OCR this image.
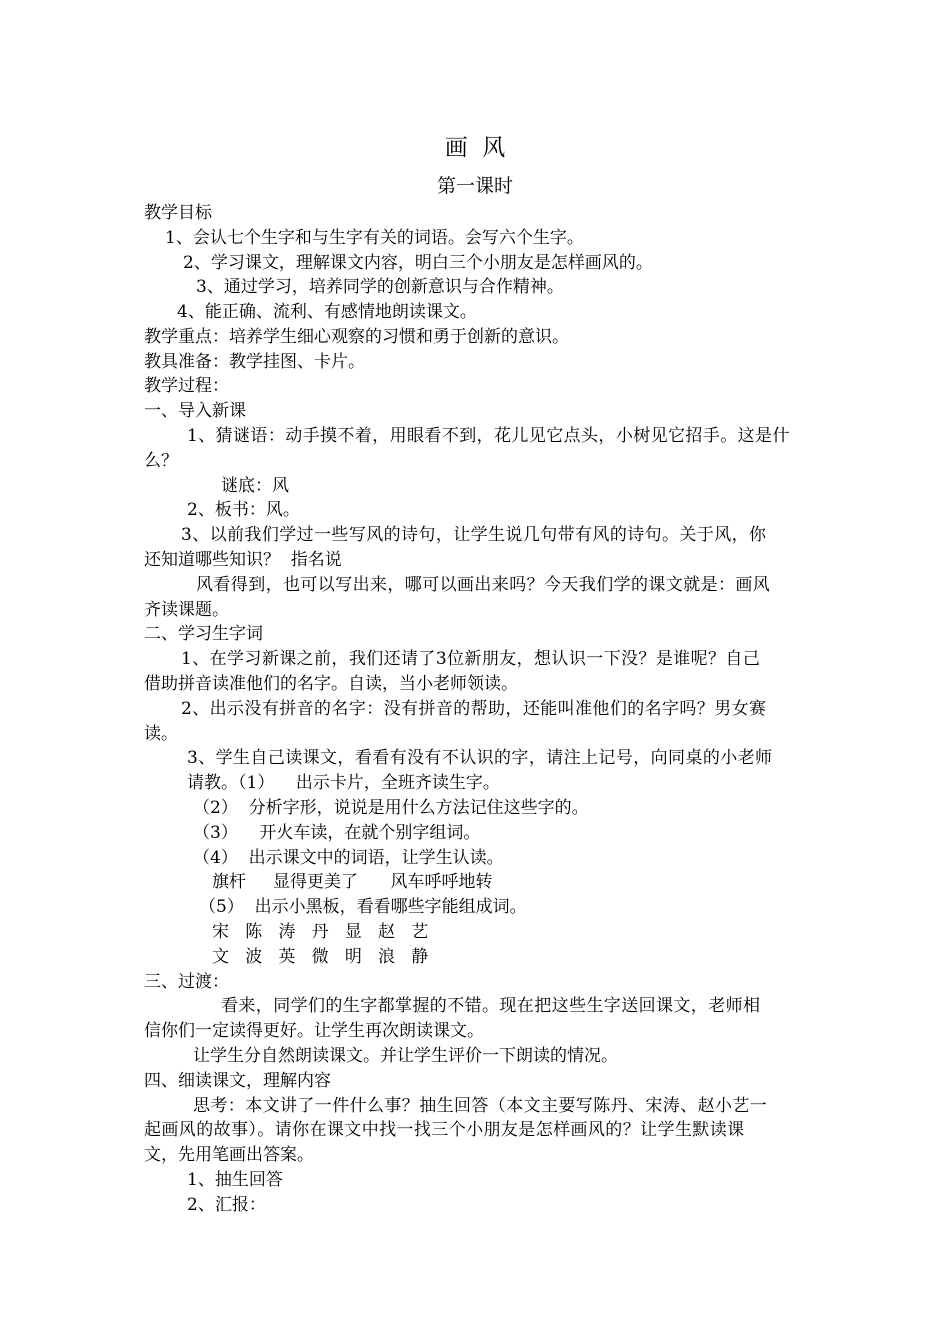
画  风
第一课时
教学目标
1、会认七个生字和与生字有关的词语。会写六个生字。
2、学习课文，理解课文内容，明白三个小朋友是怎样画风的。
3、通过学习，培养同学的创新意识与合作精神。
4、能正确、流利、有感情地朗读课文。
教学重点：培养学生细心观察的习惯和勇于创新的意识。
教具准备：教学挂图、卡片。
教学过程：
一、导入新课
1、猜谜语：动手摸不着，用眼看不到，花儿见它点头，小树见它招手。这是什
么？
谜底：风
2、板书：风。
3、以前我们学过一些写风的诗句，让学生说几句带有风的诗句。关于风，你
还知道哪些知识？  指名说
风看得到，也可以写出来，哪可以画出来吗？今天我们学的课文就是：画风
齐读课题。
二、学习生字词
1、在学习新课之前，我们还请了3位新朋友，想认识一下没？是谁呢？自己
借助拼音读准他们的名字。自读，当小老师领读。
2、出示没有拼音的名字：没有拼音的帮助，还能叫准他们的名字吗？男女赛
读。
3、学生自己读课文，看看有没有不认识的字，请注上记号，向同桌的小老师
请教。（1）    出示卡片，全班齐读生字。
（2）  分析字形，说说是用什么方法记住这些字的。
（3）    开火车读，在就个别字组词。
（4）  出示课文中的词语，让学生认读。
旗杆     显得更美了      风车呼呼地转
（5）  出示小黑板，看看哪些字能组成词。
宋   陈   涛   丹   显   赵   艺
文   波   英   微   明   浪   静
三、过渡：
看来，同学们的生字都掌握的不错。现在把这些生字送回课文，老师相
信你们一定读得更好。让学生再次朗读课文。
让学生分自然朗读课文。并让学生评价一下朗读的情况。
四、细读课文，理解内容
思考：本文讲了一件什么事？抽生回答（本文主要写陈丹、宋涛、赵小艺一
起画风的故事）。请你在课文中找一找三个小朋友是怎样画风的？让学生默读课
文，先用笔画出答案。
1、抽生回答
2、汇报：
